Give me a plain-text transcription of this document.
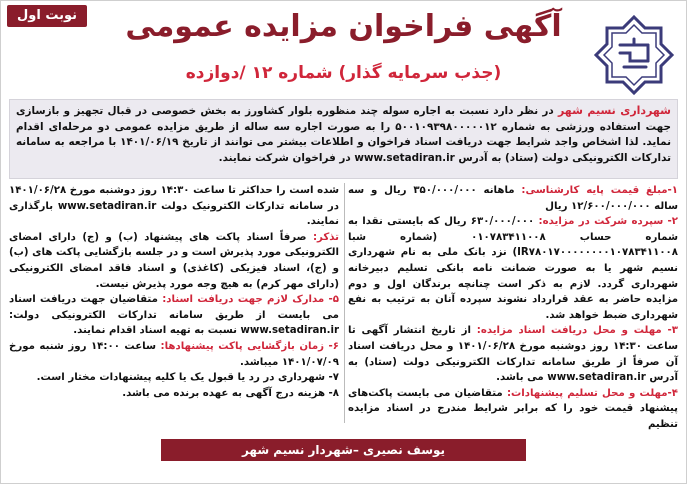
نوبت اول	آگهی فراخوان مزایده عمومی
(جذب سرمایه گذار) شماره ۱۲ /دوازده
شهرداری نسیم شهر در نظر دارد نسبت به اجاره سوله چند منظوره بلوار کشاورز به بخش خصوصی در قبال تجهیز و بازسازی جهت استفاده ورزشی به شماره ۵۰۰۱۰۹۳۹۸۰۰۰۰۰۱۲ را به صورت اجاره سه ساله از طریق مزایده عمومی دو مرحله‌ای اقدام نماید. لذا اشخاص واجد شرایط جهت دریافت اسناد فراخوان و اطلاعات بیشتر می توانند از تاریخ ۱۴۰۱/۰۶/۱۹ با مراجعه به سامانه تدارکات الکترونیکی دولت (ستاد) به آدرس www.setadiran.ir در فراخوان شرکت نمایند.
۱-مبلغ قیمت پایه کارشناسی: ماهانه ۳۵۰/۰۰۰/۰۰۰ ریال و سه ساله ۱۲/۶۰۰/۰۰۰/۰۰۰ ریال
۲- سپرده شرکت در مزایده: ۶۳۰/۰۰۰/۰۰۰ ریال که بایستی نقدا به شماره حساب ۰۱۰۷۸۳۴۱۱۰۰۸ (شماره شبا IR۷۸۰۱۷۰۰۰۰۰۰۰۰۱۰۷۸۳۴۱۱۰۰۸) نزد بانک ملی به نام شهرداری نسیم شهر یا به صورت ضمانت نامه بانکی تسلیم دبیرخانه شهرداری گردد. لازم به ذکر است چنانچه برندگان اول و دوم مزایده حاضر به عقد قرارداد نشوند سپرده آنان به ترتیب به نفع شهرداری ضبط خواهد شد.
۳- مهلت و محل دریافت اسناد مزایده: از تاریخ انتشار آگهی تا ساعت ۱۴:۳۰ روز دوشنبه مورخ ۱۴۰۱/۰۶/۲۸ و محل دریافت اسناد آن صرفاً از طریق سامانه تدارکات الکترونیکی دولت (ستاد) به آدرس www.setadiran.ir می باشد.
۴-مهلت و محل تسلیم پیشنهادات: متقاضیان می بایست پاکت‌های پیشنهاد قیمت خود را که برابر شرایط مندرج در اسناد مزایده تنظیم
شده است را حداکثر تا ساعت ۱۴:۳۰ روز دوشنبه مورخ ۱۴۰۱/۰۶/۲۸ در سامانه تدارکات الکترونیک دولت www.setadiran.ir بارگذاری نمایند.
تذکر: صرفاً اسناد پاکت های پیشنهاد (ب) و (ج) دارای امضای الکترونیکی مورد پذیرش است و در جلسه بازگشایی پاکت های (ب) و (ج)، اسناد فیزیکی (کاغذی) و اسناد فاقد امضای الکترونیکی (دارای مهر کرم) به هیچ وجه مورد پذیرش نیست.
۵- مدارک لازم جهت دریافت اسناد: متقاضیان جهت دریافت اسناد می بایست از طریق سامانه تدارکات الکترونیکی دولت: www.setadiran.ir نسبت به تهیه اسناد اقدام نمایند.
۶- زمان بازگشایی پاکت پیشنهادها: ساعت ۱۴:۰۰ روز شنبه مورخ ۱۴۰۱/۰۷/۰۹ میباشد.
۷- شهرداری در رد یا قبول یک یا کلیه پیشنهادات مختار است.
۸- هزینه درج آگهی به عهده برنده می باشد.
یوسف نصیری –شهردار نسیم شهر
